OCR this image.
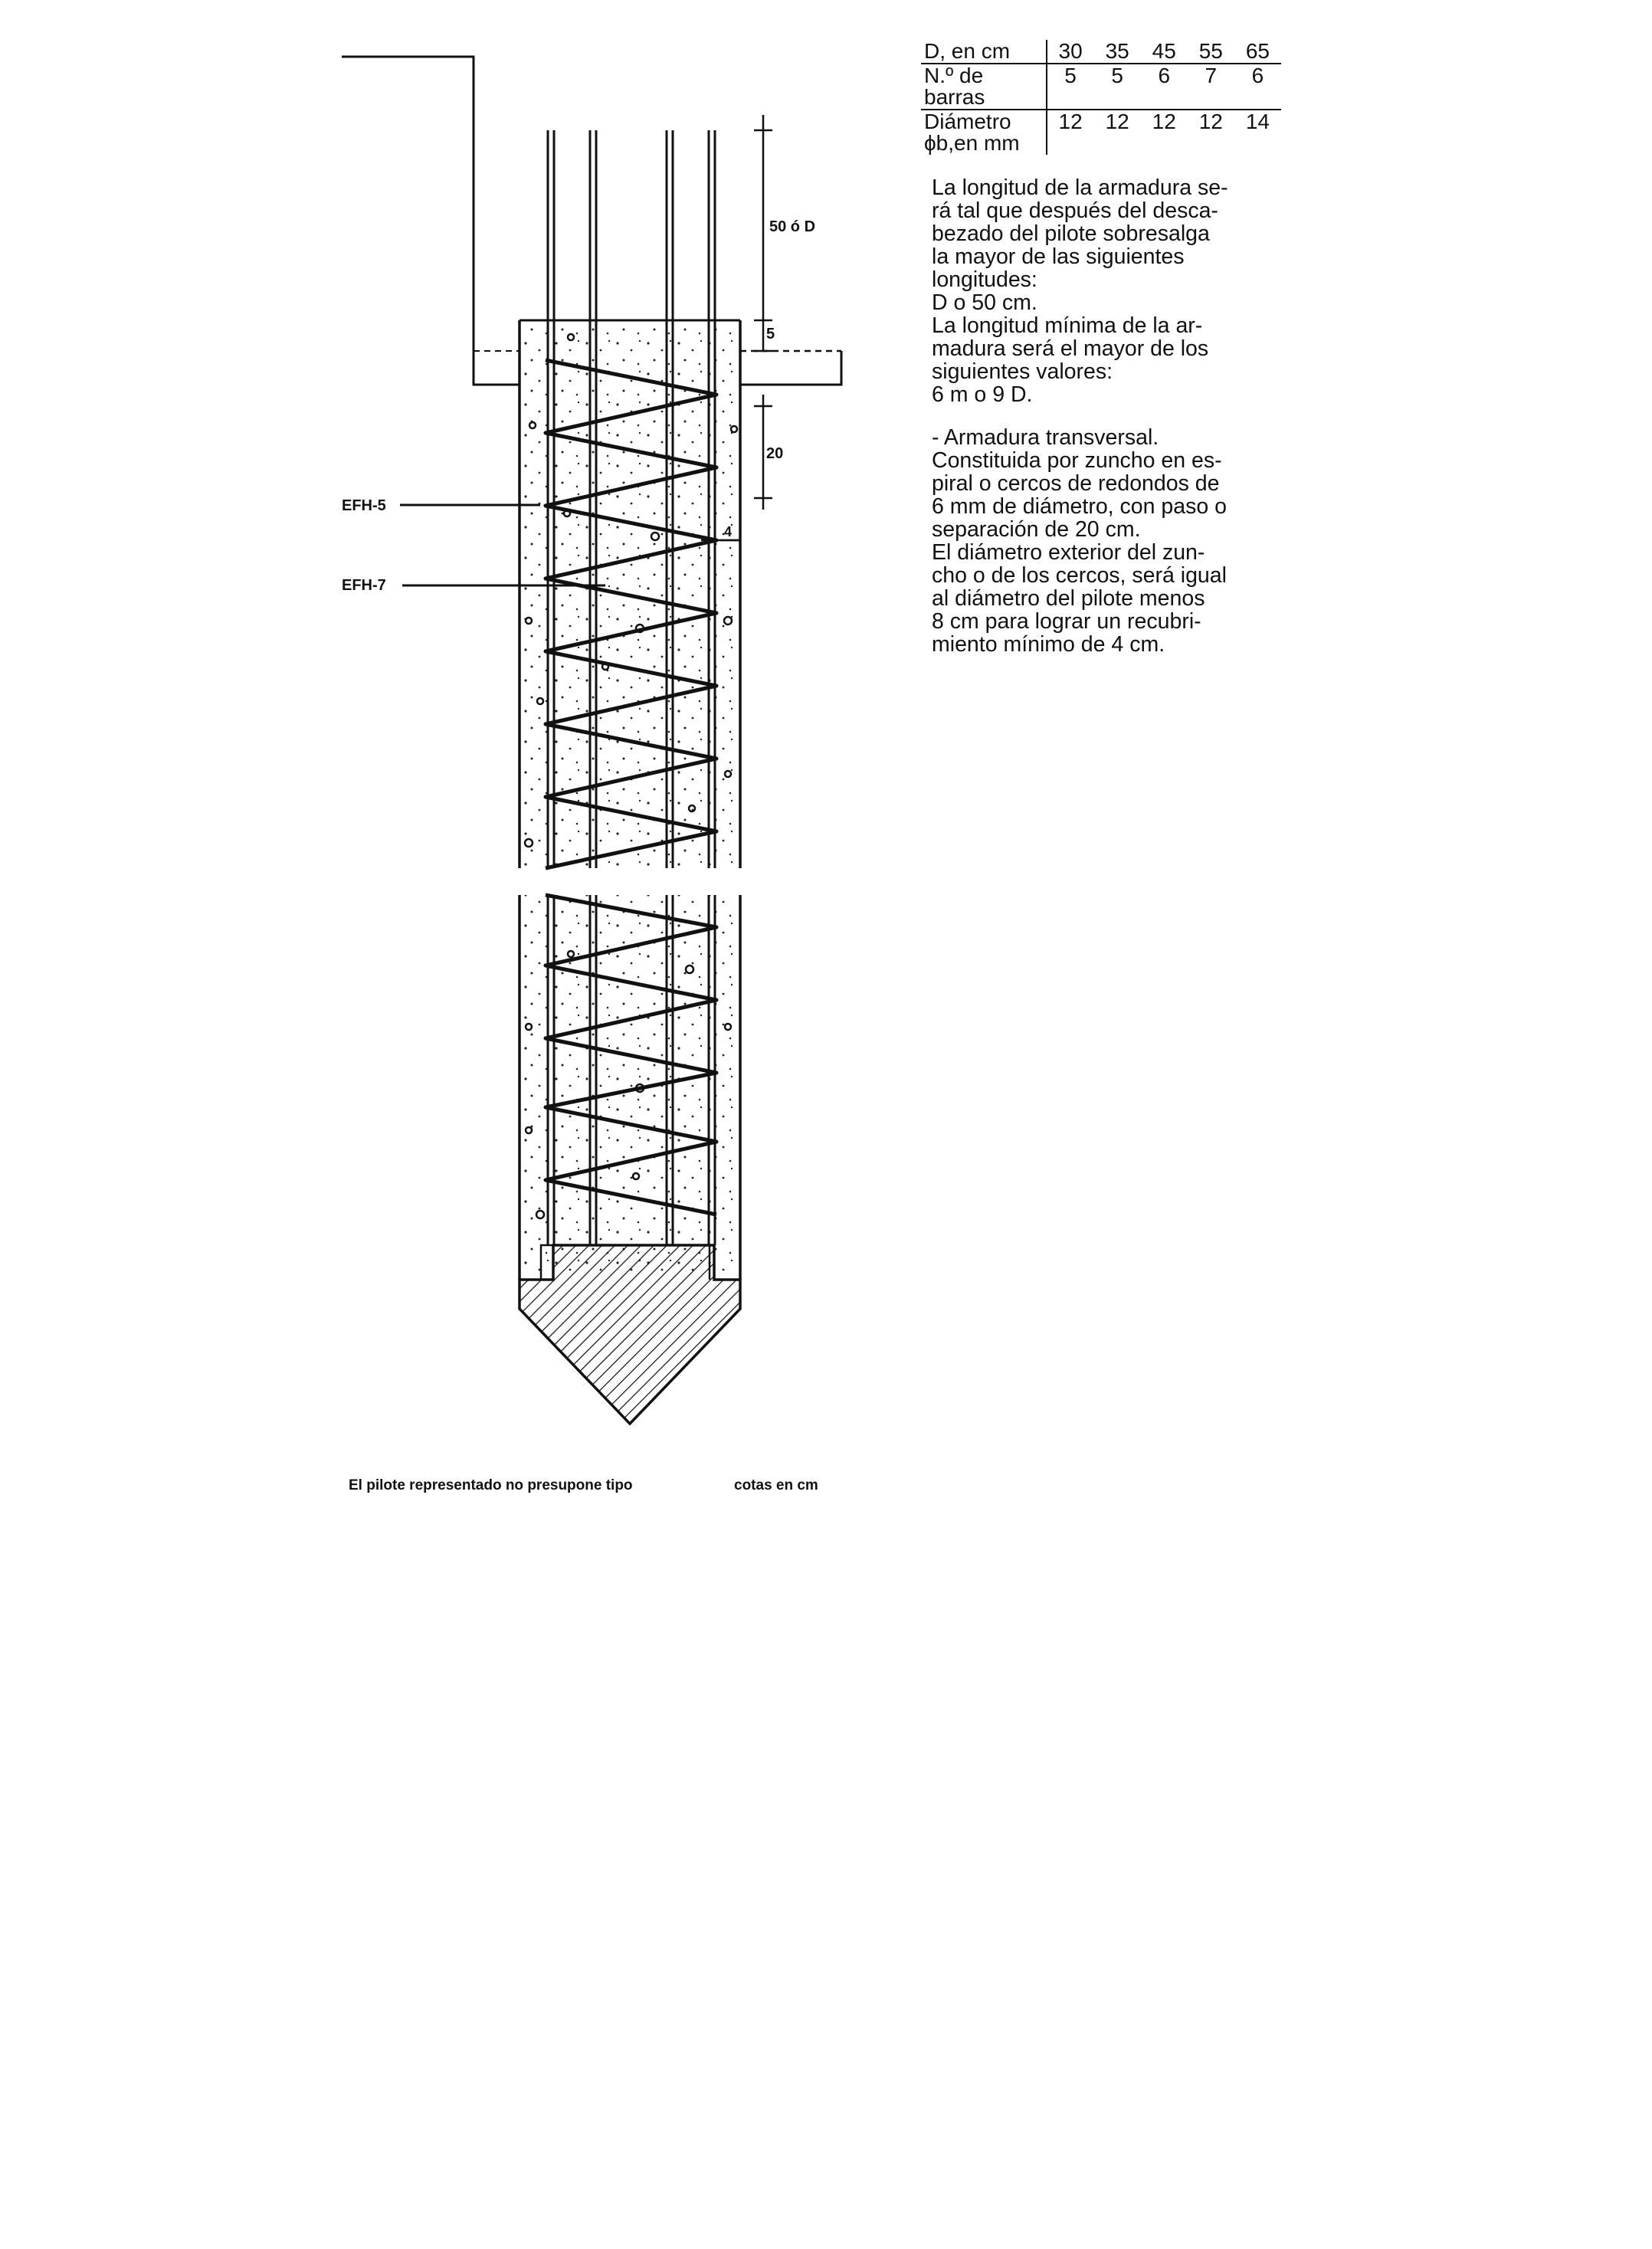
50 ó D
5
20
4
EFH-5
EFH-7
El pilote representado no presupone tipo	cotas en cm
D, en cm	30	35	45	55	65
N.º de barras	5	5	6	7	6
Diámetro ϕb,en mm	12	12	12	12	14

La longitud de la armadura se-
rá tal que después del desca-
bezado del pilote sobresalga
la mayor de las siguientes
longitudes:
D o 50 cm.
La longitud mínima de la ar-
madura será el mayor de los
siguientes valores:
6 m o 9 D.

- Armadura transversal.
Constituida por zuncho en es-
piral o cercos de redondos de
6 mm de diámetro, con paso o
separación de 20 cm.
El diámetro exterior del zun-
cho o de los cercos, será igual
al diámetro del pilote menos
8 cm para lograr un recubri-
miento mínimo de 4 cm.
